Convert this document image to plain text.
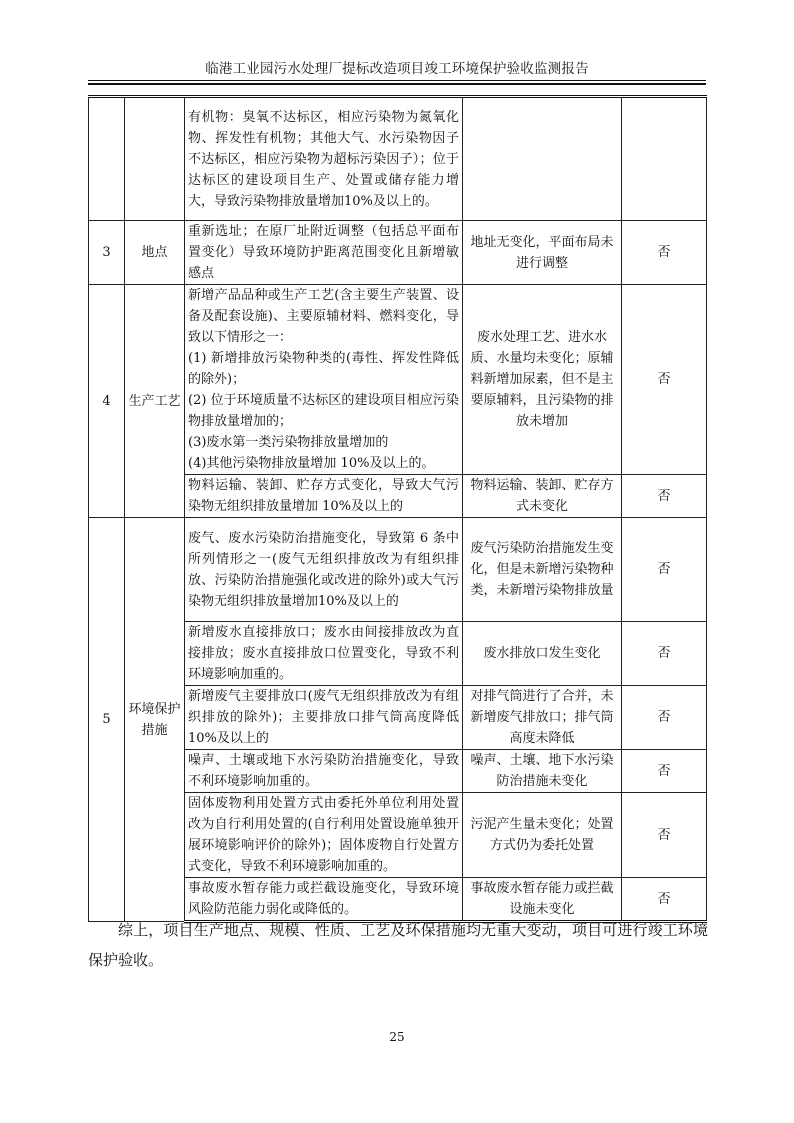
临港工业园污水处理厂提标改造项目竣工环境保护验收监测报告
		有机物：臭氧不达标区，相应污染物为氮氧化物、挥发性有机物；其他大气、水污染物因子不达标区，相应污染物为超标污染因子）；位于达标区的建设项目生产、处置或储存能力增大，导致污染物排放量增加10%及以上的。		
3	地点	重新选址；在原厂址附近调整（包括总平面布置变化）导致环境防护距离范围变化且新增敏感点	地址无变化，平面布局未进行调整	否
4	生产工艺	新增产品品种或生产工艺(含主要生产装置、设备及配套设施)、主要原辅材料、燃料变化，导致以下情形之一：
(1) 新增排放污染物种类的(毒性、挥发性降低的除外)；
(2) 位于环境质量不达标区的建设项目相应污染物排放量增加的；
(3)废水第一类污染物排放量增加的
(4)其他污染物排放量增加 10%及以上的。	废水处理工艺、进水水质、水量均未变化；原辅料新增加尿素，但不是主要原辅料，且污染物的排放未增加	否
		物料运输、装卸、贮存方式变化，导致大气污染物无组织排放量增加 10%及以上的	物料运输、装卸、贮存方式未变化	否
5	环境保护措施	废气、废水污染防治措施变化，导致第 6 条中所列情形之一(废气无组织排放改为有组织排放、污染防治措施强化或改进的除外)或大气污染物无组织排放量增加10%及以上的	废气污染防治措施发生变化，但是未新增污染物种类，未新增污染物排放量	否
		新增废水直接排放口；废水由间接排放改为直接排放；废水直接排放口位置变化，导致不利环境影响加重的。	废水排放口发生变化	否
		新增废气主要排放口(废气无组织排放改为有组织排放的除外)；主要排放口排气筒高度降低 10%及以上的	对排气筒进行了合并，未新增废气排放口；排气筒高度未降低	否
		噪声、土壤或地下水污染防治措施变化，导致不利环境影响加重的。	噪声、土壤、地下水污染防治措施未变化	否
		固体废物利用处置方式由委托外单位利用处置改为自行利用处置的(自行利用处置设施单独开展环境影响评价的除外)；固体废物自行处置方式变化，导致不利环境影响加重的。	污泥产生量未变化；处置方式仍为委托处置	否
		事故废水暂存能力或拦截设施变化，导致环境风险防范能力弱化或降低的。	事故废水暂存能力或拦截设施未变化	否
综上，项目生产地点、规模、性质、工艺及环保措施均无重大变动，项目可进行竣工环境保护验收。
25
